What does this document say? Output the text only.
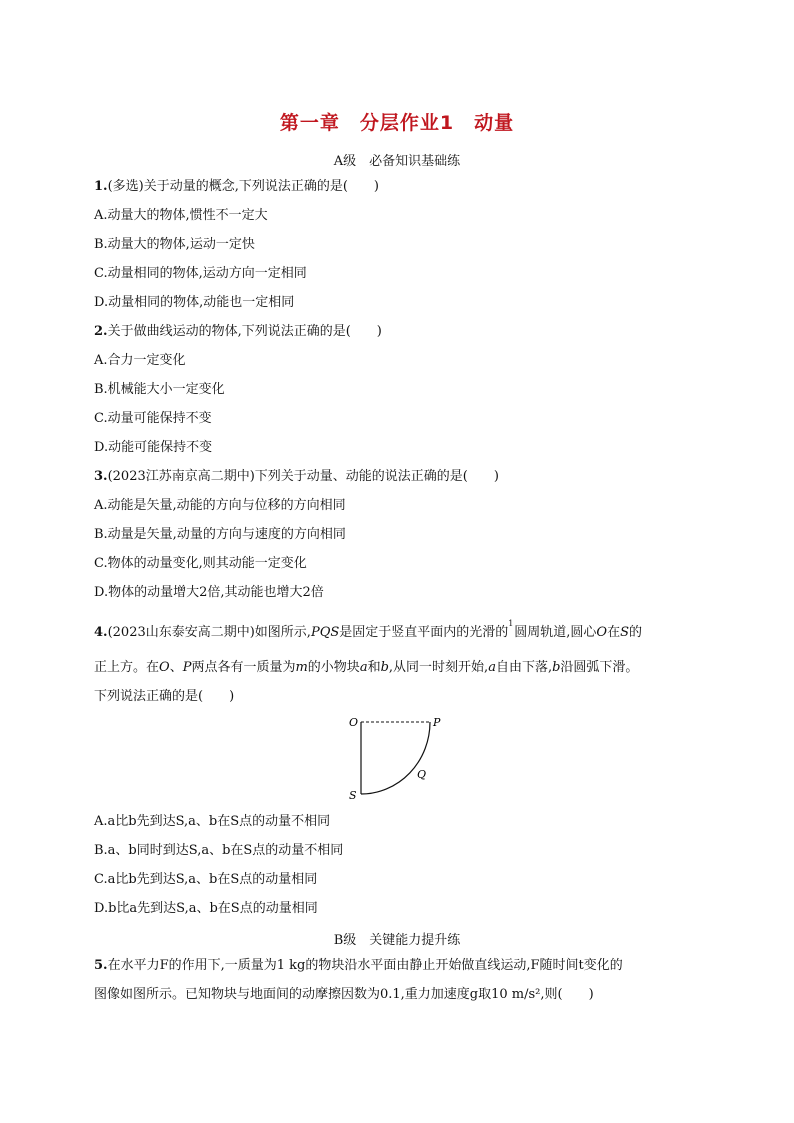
第一章　分层作业1　动量
A级　必备知识基础练
1.(多选)关于动量的概念,下列说法正确的是(　　)
A.动量大的物体,惯性不一定大
B.动量大的物体,运动一定快
C.动量相同的物体,运动方向一定相同
D.动量相同的物体,动能也一定相同
2.关于做曲线运动的物体,下列说法正确的是(　　)
A.合力一定变化
B.机械能大小一定变化
C.动量可能保持不变
D.动能可能保持不变
3.(2023江苏南京高二期中)下列关于动量、动能的说法正确的是(　　)
A.动能是矢量,动能的方向与位移的方向相同
B.动量是矢量,动量的方向与速度的方向相同
C.物体的动量变化,则其动能一定变化
D.物体的动量增大2倍,其动能也增大2倍
4.(2023山东泰安高二期中)如图所示,PQS是固定于竖直平面内的光滑的
1
圆周轨道,圆心O在S的
正上方。在O、P两点各有一质量为m的小物块a和b,从同一时刻开始,a自由下落,b沿圆弧下滑。
下列说法正确的是(　　)
O	P
Q
S
A.a比b先到达S,a、b在S点的动量不相同
B.a、b同时到达S,a、b在S点的动量不相同
C.a比b先到达S,a、b在S点的动量相同
D.b比a先到达S,a、b在S点的动量相同
B级　关键能力提升练
5.在水平力F的作用下,一质量为1 kg的物块沿水平面由静止开始做直线运动,F随时间t变化的
图像如图所示。已知物块与地面间的动摩擦因数为0.1,重力加速度g取10 m/s²,则(　　)
